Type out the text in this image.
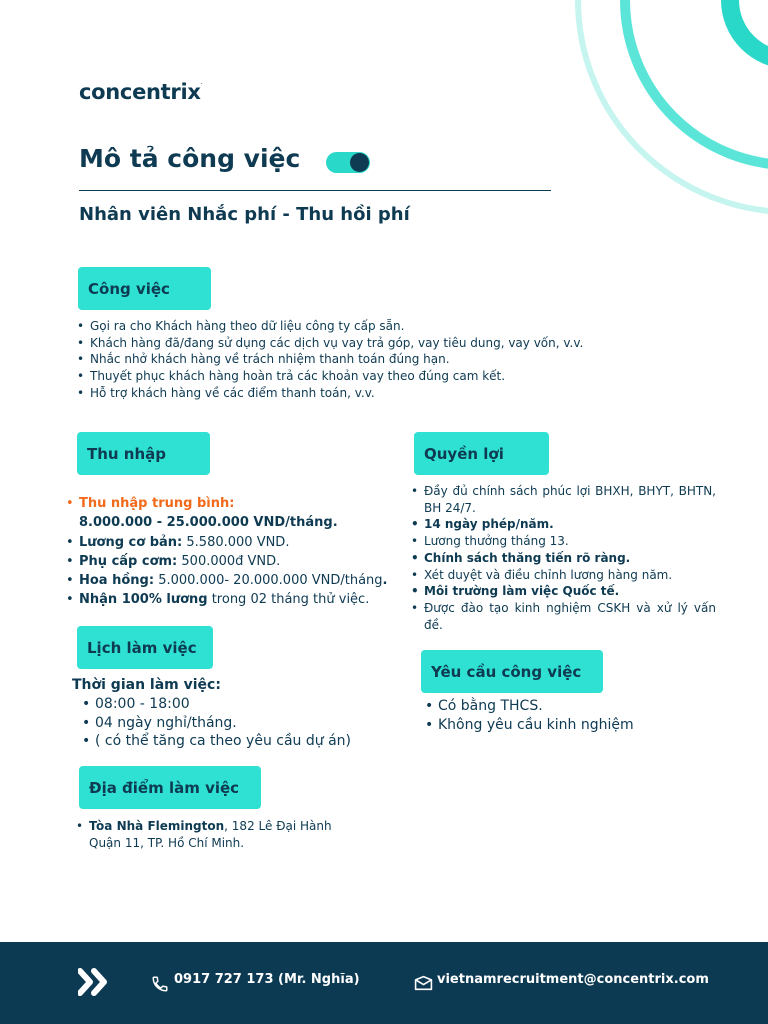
concentrix·
Mô tả công việc
Nhân viên Nhắc phí - Thu hồi phí
Công việc
• Gọi ra cho Khách hàng theo dữ liệu công ty cấp sẵn.
• Khách hàng đã/đang sử dụng các dịch vụ vay trả góp, vay tiêu dung, vay vốn, v.v.
• Nhắc nhở khách hàng về trách nhiệm thanh toán đúng hạn.
• Thuyết phục khách hàng hoàn trả các khoản vay theo đúng cam kết.
• Hỗ trợ khách hàng về các điểm thanh toán, v.v.
Thu nhập
• Thu nhập trung bình:
8.000.000 - 25.000.000 VND/tháng.
• Lương cơ bản: 5.580.000 VND.
• Phụ cấp cơm: 500.000đ VND.
• Hoa hồng: 5.000.000- 20.000.000 VND/tháng.
• Nhận 100% lương trong 02 tháng thử việc.
Quyền lợi
• Đầy đủ chính sách phúc lợi BHXH, BHYT, BHTN, BH 24/7.
• 14 ngày phép/năm.
• Lương thưởng tháng 13.
• Chính sách thăng tiến rõ ràng.
• Xét duyệt và điều chỉnh lương hàng năm.
• Môi trường làm việc Quốc tế.
• Được đào tạo kinh nghiệm CSKH và xử lý vấn đề.
Lịch làm việc
Thời gian làm việc:
• 08:00 - 18:00
• 04 ngày nghỉ/tháng.
• ( có thể tăng ca theo yêu cầu dự án)
Yêu cầu công việc
• Có bằng THCS.
• Không yêu cầu kinh nghiệm
Địa điểm làm việc
• Tòa Nhà Flemington, 182 Lê Đại Hành Quận 11, TP. Hồ Chí Minh.
0917 727 173 (Mr. Nghĩa)	vietnamrecruitment@concentrix.com
